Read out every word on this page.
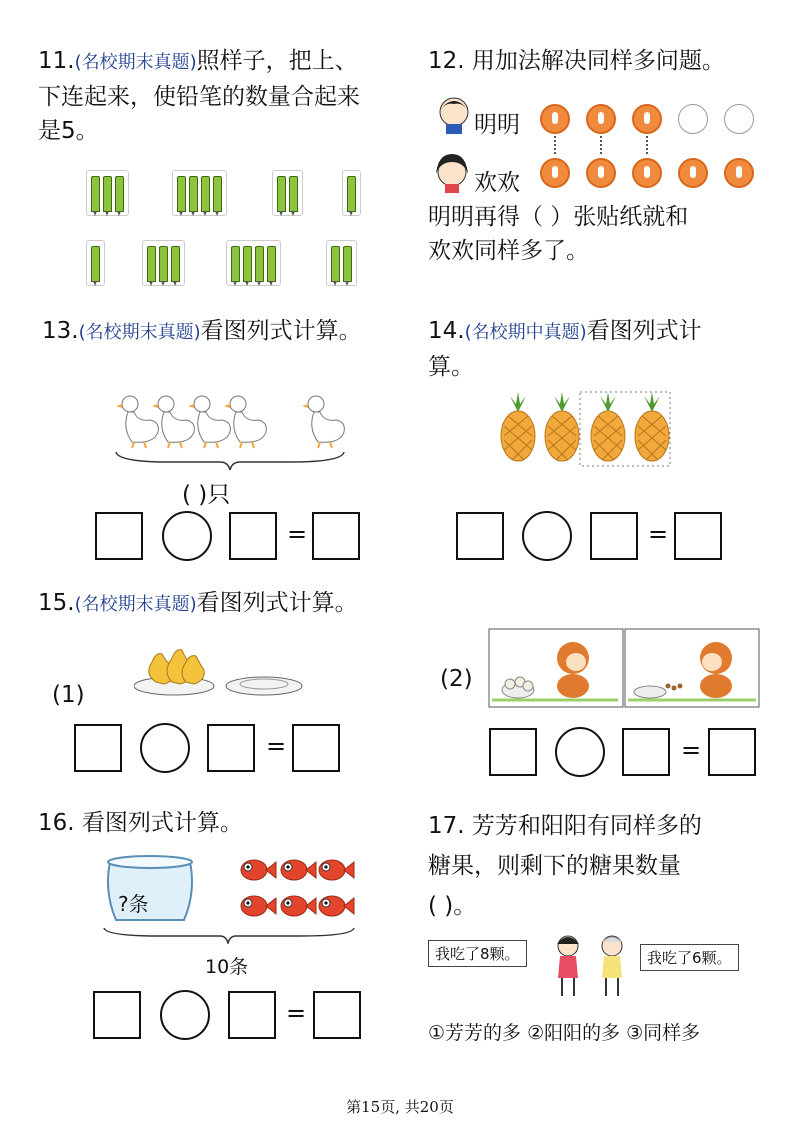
11.(名校期末真题)照样子，把上、
下连起来，使铅笔的数量合起来
是5。
12. 用加法解决同样多问题。
明明
欢欢
明明再得（ ）张贴纸就和
欢欢同样多了。
13.(名校期末真题)看图列式计算。
( )只
=
14.(名校期中真题)看图列式计
算。
=
15.(名校期末真题)看图列式计算。
(1)
=
(2)
=
16. 看图列式计算。
?条
10条
=
17. 芳芳和阳阳有同样多的
糖果，则剩下的糖果数量
( )。
我吃了8颗。	我吃了6颗。
①芳芳的多 ②阳阳的多 ③同样多
第15页, 共20页
